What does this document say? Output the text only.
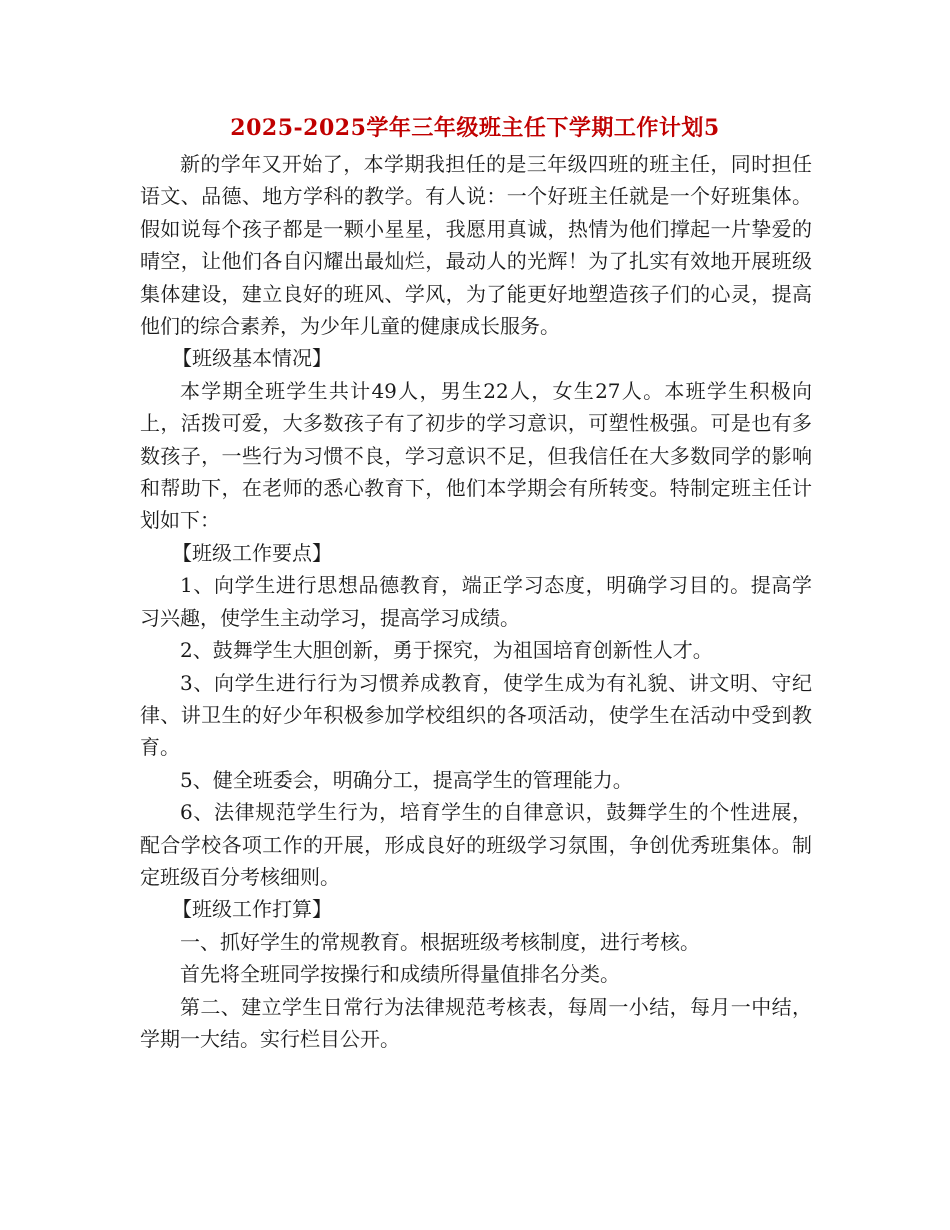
2025-2025学年三年级班主任下学期工作计划5

新的学年又开始了，本学期我担任的是三年级四班的班主任，同时担任语文、品德、地方学科的教学。有人说：一个好班主任就是一个好班集体。假如说每个孩子都是一颗小星星，我愿用真诚，热情为他们撑起一片挚爱的晴空，让他们各自闪耀出最灿烂，最动人的光辉！为了扎实有效地开展班级集体建设，建立良好的班风、学风，为了能更好地塑造孩子们的心灵，提高他们的综合素养，为少年儿童的健康成长服务。

【班级基本情况】

本学期全班学生共计49人，男生22人，女生27人。本班学生积极向上，活拨可爱，大多数孩子有了初步的学习意识，可塑性极强。可是也有多数孩子，一些行为习惯不良，学习意识不足，但我信任在大多数同学的影响和帮助下，在老师的悉心教育下，他们本学期会有所转变。特制定班主任计划如下：

【班级工作要点】

1、向学生进行思想品德教育，端正学习态度，明确学习目的。提高学习兴趣，使学生主动学习，提高学习成绩。

2、鼓舞学生大胆创新，勇于探究，为祖国培育创新性人才。

3、向学生进行行为习惯养成教育，使学生成为有礼貌、讲文明、守纪律、讲卫生的好少年积极参加学校组织的各项活动，使学生在活动中受到教育。

5、健全班委会，明确分工，提高学生的管理能力。

6、法律规范学生行为，培育学生的自律意识，鼓舞学生的个性进展，配合学校各项工作的开展，形成良好的班级学习氛围，争创优秀班集体。制定班级百分考核细则。

【班级工作打算】

一、抓好学生的常规教育。根据班级考核制度，进行考核。

首先将全班同学按操行和成绩所得量值排名分类。

第二、建立学生日常行为法律规范考核表，每周一小结，每月一中结，学期一大结。实行栏目公开。
